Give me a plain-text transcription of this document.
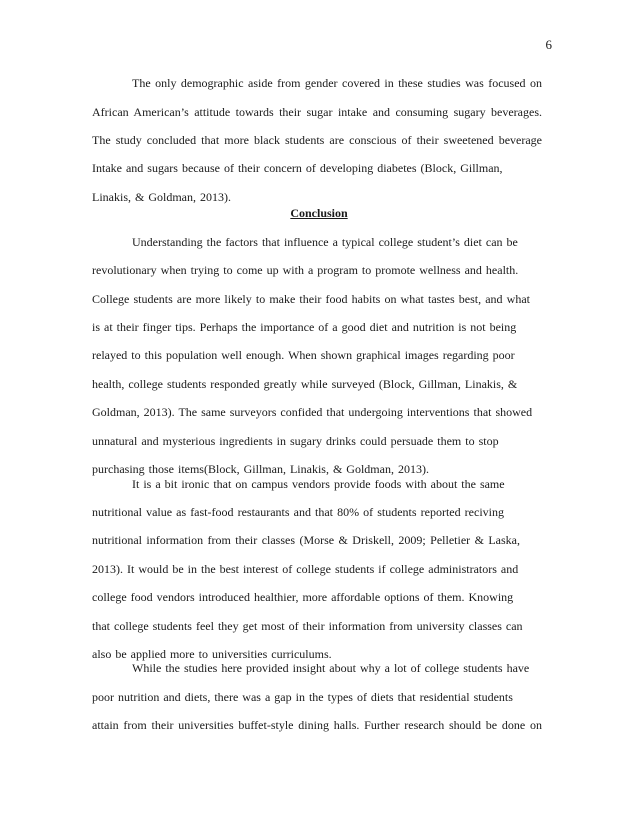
6
The only demographic aside from gender covered in these studies was focused on
African American’s attitude towards their sugar intake and consuming sugary beverages.
The study concluded that more black students are conscious of their sweetened beverage
Intake and sugars because of their concern of developing diabetes (Block, Gillman,
Linakis, & Goldman, 2013).
Conclusion
Understanding the factors that influence a typical college student’s diet can be
revolutionary when trying to come up with a program to promote wellness and health.
College students are more likely to make their food habits on what tastes best, and what
is at their finger tips. Perhaps the importance of a good diet and nutrition is not being
relayed to this population well enough. When shown graphical images regarding poor
health, college students responded greatly while surveyed (Block, Gillman, Linakis, &
Goldman, 2013). The same surveyors confided that undergoing interventions that showed
unnatural and mysterious ingredients in sugary drinks could persuade them to stop
purchasing those items(Block, Gillman, Linakis, & Goldman, 2013).
It is a bit ironic that on campus vendors provide foods with about the same
nutritional value as fast-food restaurants and that 80% of students reported reciving
nutritional information from their classes (Morse & Driskell, 2009; Pelletier & Laska,
2013). It would be in the best interest of college students if college administrators and
college food vendors introduced healthier, more affordable options of them. Knowing
that college students feel they get most of their information from university classes can
also be applied more to universities curriculums.
While the studies here provided insight about why a lot of college students have
poor nutrition and diets, there was a gap in the types of diets that residential students
attain from their universities buffet-style dining halls. Further research should be done on
